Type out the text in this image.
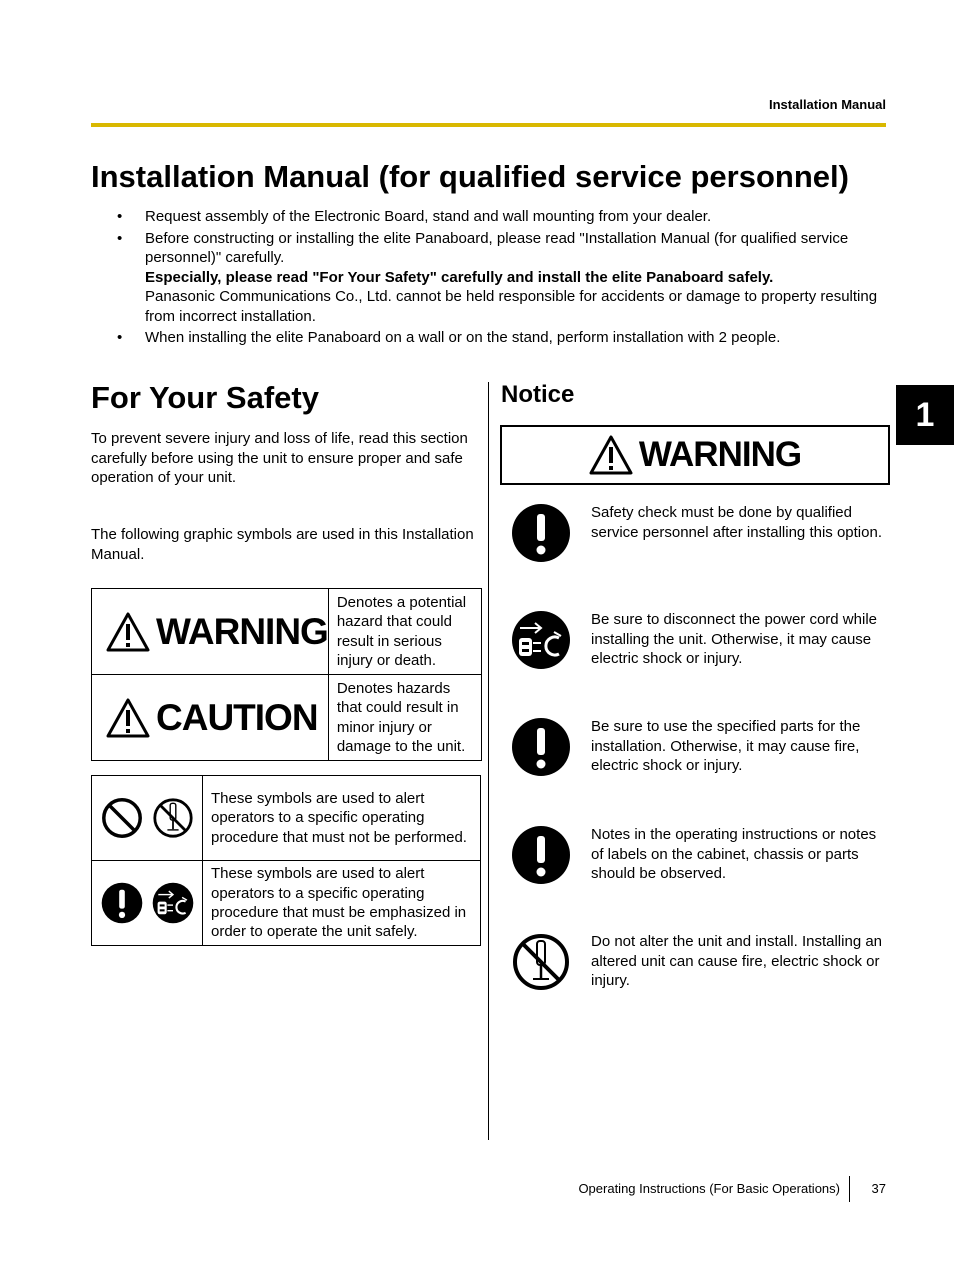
Installation Manual
Installation Manual (for qualified service personnel)
• Request assembly of the Electronic Board, stand and wall mounting from your dealer.

• Before constructing or installing the elite Panaboard, please read "Installation Manual (for qualified service personnel)" carefully.

Especially, please read "For Your Safety" carefully and install the elite Panaboard safely.

Panasonic Communications Co., Ltd. cannot be held responsible for accidents or damage to property resulting from incorrect installation.

• When installing the elite Panaboard on a wall or on the stand, perform installation with 2 people.

For Your Safety
To prevent severe injury and loss of life, read this section carefully before using the unit to ensure proper and safe operation of your unit.
The following graphic symbols are used in this Installation Manual.
WARNING	Denotes a potential hazard that could result in serious injury or death.

CAUTION	Denotes hazards that could result in minor injury or damage to the unit.
	These symbols are used to alert operators to a specific operating procedure that must not be performed.

	These symbols are used to alert operators to a specific operating procedure that must be emphasized in order to operate the unit safely.
Notice
WARNING
Safety check must be done by qualified service personnel after installing this option.
Be sure to disconnect the power cord while installing the unit. Otherwise, it may cause electric shock or injury.
Be sure to use the specified parts for the installation. Otherwise, it may cause fire, electric shock or injury.
Notes in the operating instructions or notes of labels on the cabinet, chassis or parts should be observed.
Do not alter the unit and install. Installing an altered unit can cause fire, electric shock or injury.
1
Operating Instructions (For Basic Operations) 37
